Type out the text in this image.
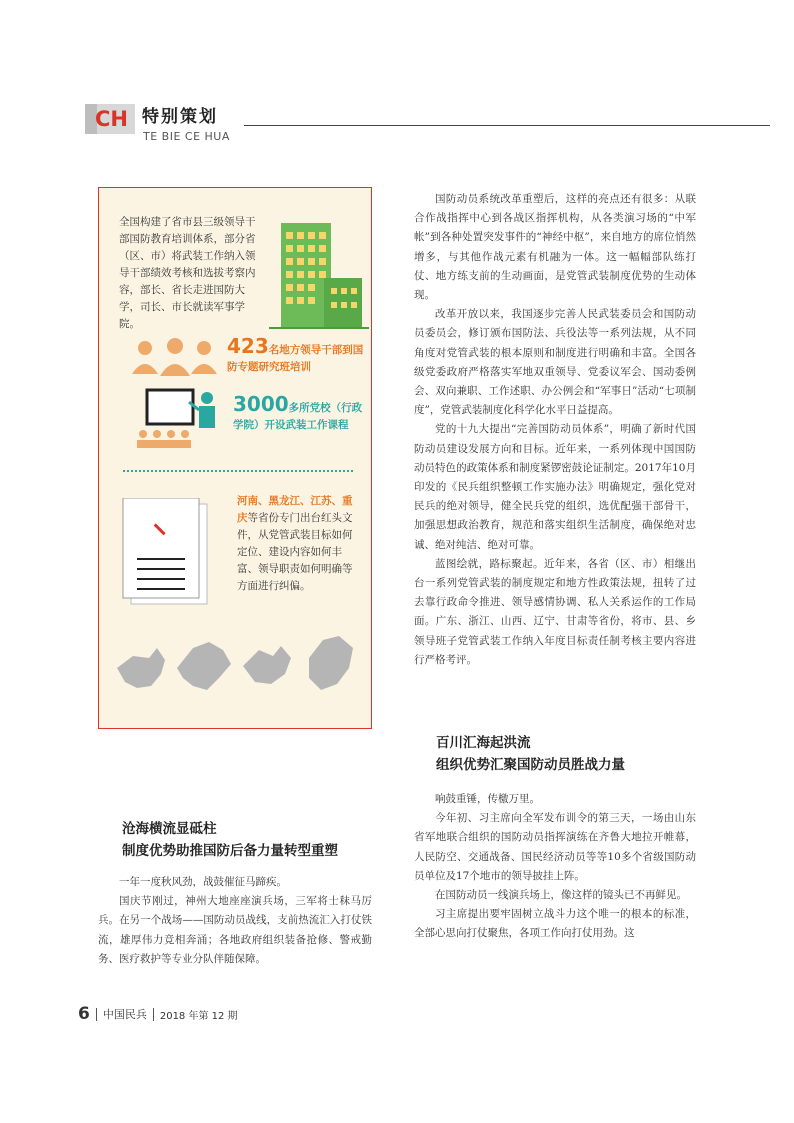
CH 特别策划
TE BIE CE HUA
全国构建了省市县三级领导干部国防教育培训体系，部分省（区、市）将武装工作纳入领导干部绩效考核和选拔考察内容，部长、省长走进国防大学，司长、市长就读军事学院。
423名地方领导干部到国防专题研究班培训
3000多所党校（行政学院）开设武装工作课程
河南、黑龙江、江苏、重庆等省份专门出台红头文件，从党管武装目标如何定位、建设内容如何丰富、领导职责如何明确等方面进行纠偏。
沧海横流显砥柱
制度优势助推国防后备力量转型重塑

一年一度秋风劲，战鼓催征马蹄疾。

国庆节刚过，神州大地座座演兵场，三军将士秣马厉兵。在另一个战场——国防动员战线，支前热流汇入打仗铁流，雄厚伟力竞相奔涌；各地政府组织装备抢修、警戒勤务、医疗救护等专业分队伴随保障。

国防动员系统改革重塑后，这样的亮点还有很多：从联合作战指挥中心到各战区指挥机构，从各类演习场的“中军帐”到各种处置突发事件的“神经中枢”，来自地方的席位悄然增多，与其他作战元素有机融为一体。这一幅幅部队练打仗、地方练支前的生动画面，是党管武装制度优势的生动体现。

改革开放以来，我国逐步完善人民武装委员会和国防动员委员会，修订颁布国防法、兵役法等一系列法规，从不同角度对党管武装的根本原则和制度进行明确和丰富。全国各级党委政府严格落实军地双重领导、党委议军会、国动委例会、双向兼职、工作述职、办公例会和“军事日”活动“七项制度”，党管武装制度化科学化水平日益提高。

党的十九大提出“完善国防动员体系”，明确了新时代国防动员建设发展方向和目标。近年来，一系列体现中国国防动员特色的政策体系和制度紧锣密鼓论证制定。2017年10月印发的《民兵组织整顿工作实施办法》明确规定，强化党对民兵的绝对领导，健全民兵党的组织，选优配强干部骨干，加强思想政治教育，规范和落实组织生活制度，确保绝对忠诚、绝对纯洁、绝对可靠。

蓝图绘就，路标聚起。近年来，各省（区、市）相继出台一系列党管武装的制度规定和地方性政策法规，扭转了过去靠行政命令推进、领导感情协调、私人关系运作的工作局面。广东、浙江、山西、辽宁、甘肃等省份，将市、县、乡领导班子党管武装工作纳入年度目标责任制考核主要内容进行严格考评。

百川汇海起洪流
组织优势汇聚国防动员胜战力量

响鼓重锤，传檄万里。

今年初、习主席向全军发布训令的第三天，一场由山东省军地联合组织的国防动员指挥演练在齐鲁大地拉开帷幕，人民防空、交通战备、国民经济动员等等10多个省级国防动员单位及17个地市的领导披挂上阵。

在国防动员一线演兵场上，像这样的镜头已不再鲜见。

习主席提出要牢固树立战斗力这个唯一的根本的标准，全部心思向打仗聚焦，各项工作向打仗用劲。这

6 中国民兵 2018 年第 12 期
